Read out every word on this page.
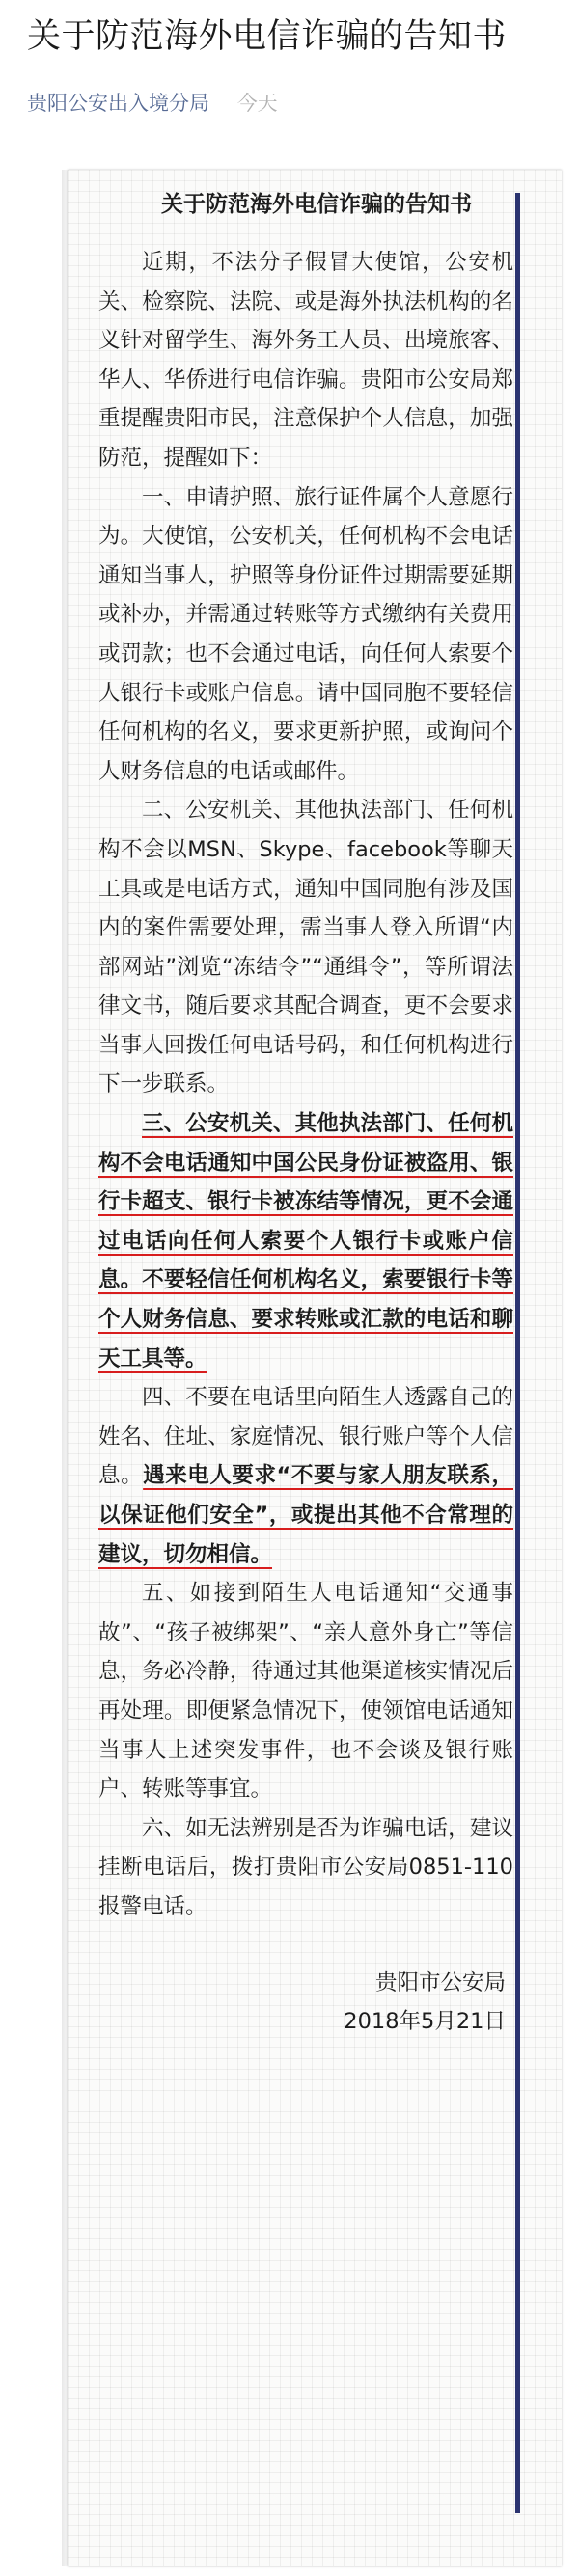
关于防范海外电信诈骗的告知书
贵阳公安出入境分局 今天
关于防范海外电信诈骗的告知书

近期，不法分子假冒大使馆，公安机关、检察院、法院、或是海外执法机构的名义针对留学生、海外务工人员、出境旅客、华人、华侨进行电信诈骗。贵阳市公安局郑重提醒贵阳市民，注意保护个人信息，加强防范，提醒如下：

一、申请护照、旅行证件属个人意愿行为。大使馆，公安机关，任何机构不会电话通知当事人，护照等身份证件过期需要延期或补办，并需通过转账等方式缴纳有关费用或罚款；也不会通过电话，向任何人索要个人银行卡或账户信息。请中国同胞不要轻信任何机构的名义，要求更新护照，或询问个人财务信息的电话或邮件。

二、公安机关、其他执法部门、任何机构不会以MSN、Skype、facebook等聊天工具或是电话方式，通知中国同胞有涉及国内的案件需要处理，需当事人登入所谓“内部网站”浏览“冻结令”“通缉令”，等所谓法律文书，随后要求其配合调查，更不会要求当事人回拨任何电话号码，和任何机构进行下一步联系。

三、公安机关、其他执法部门、任何机构不会电话通知中国公民身份证被盗用、银行卡超支、银行卡被冻结等情况，更不会通过电话向任何人索要个人银行卡或账户信息。不要轻信任何机构名义，索要银行卡等个人财务信息、要求转账或汇款的电话和聊天工具等。

四、不要在电话里向陌生人透露自己的姓名、住址、家庭情况、银行账户等个人信息。遇来电人要求“不要与家人朋友联系，以保证他们安全”，或提出其他不合常理的建议，切勿相信。

五、如接到陌生人电话通知“交通事故”、“孩子被绑架”、“亲人意外身亡”等信息，务必冷静，待通过其他渠道核实情况后再处理。即便紧急情况下，使领馆电话通知当事人上述突发事件，也不会谈及银行账户、转账等事宜。

六、如无法辨别是否为诈骗电话，建议挂断电话后，拨打贵阳市公安局0851-110报警电话。

贵阳市公安局
2018年5月21日
